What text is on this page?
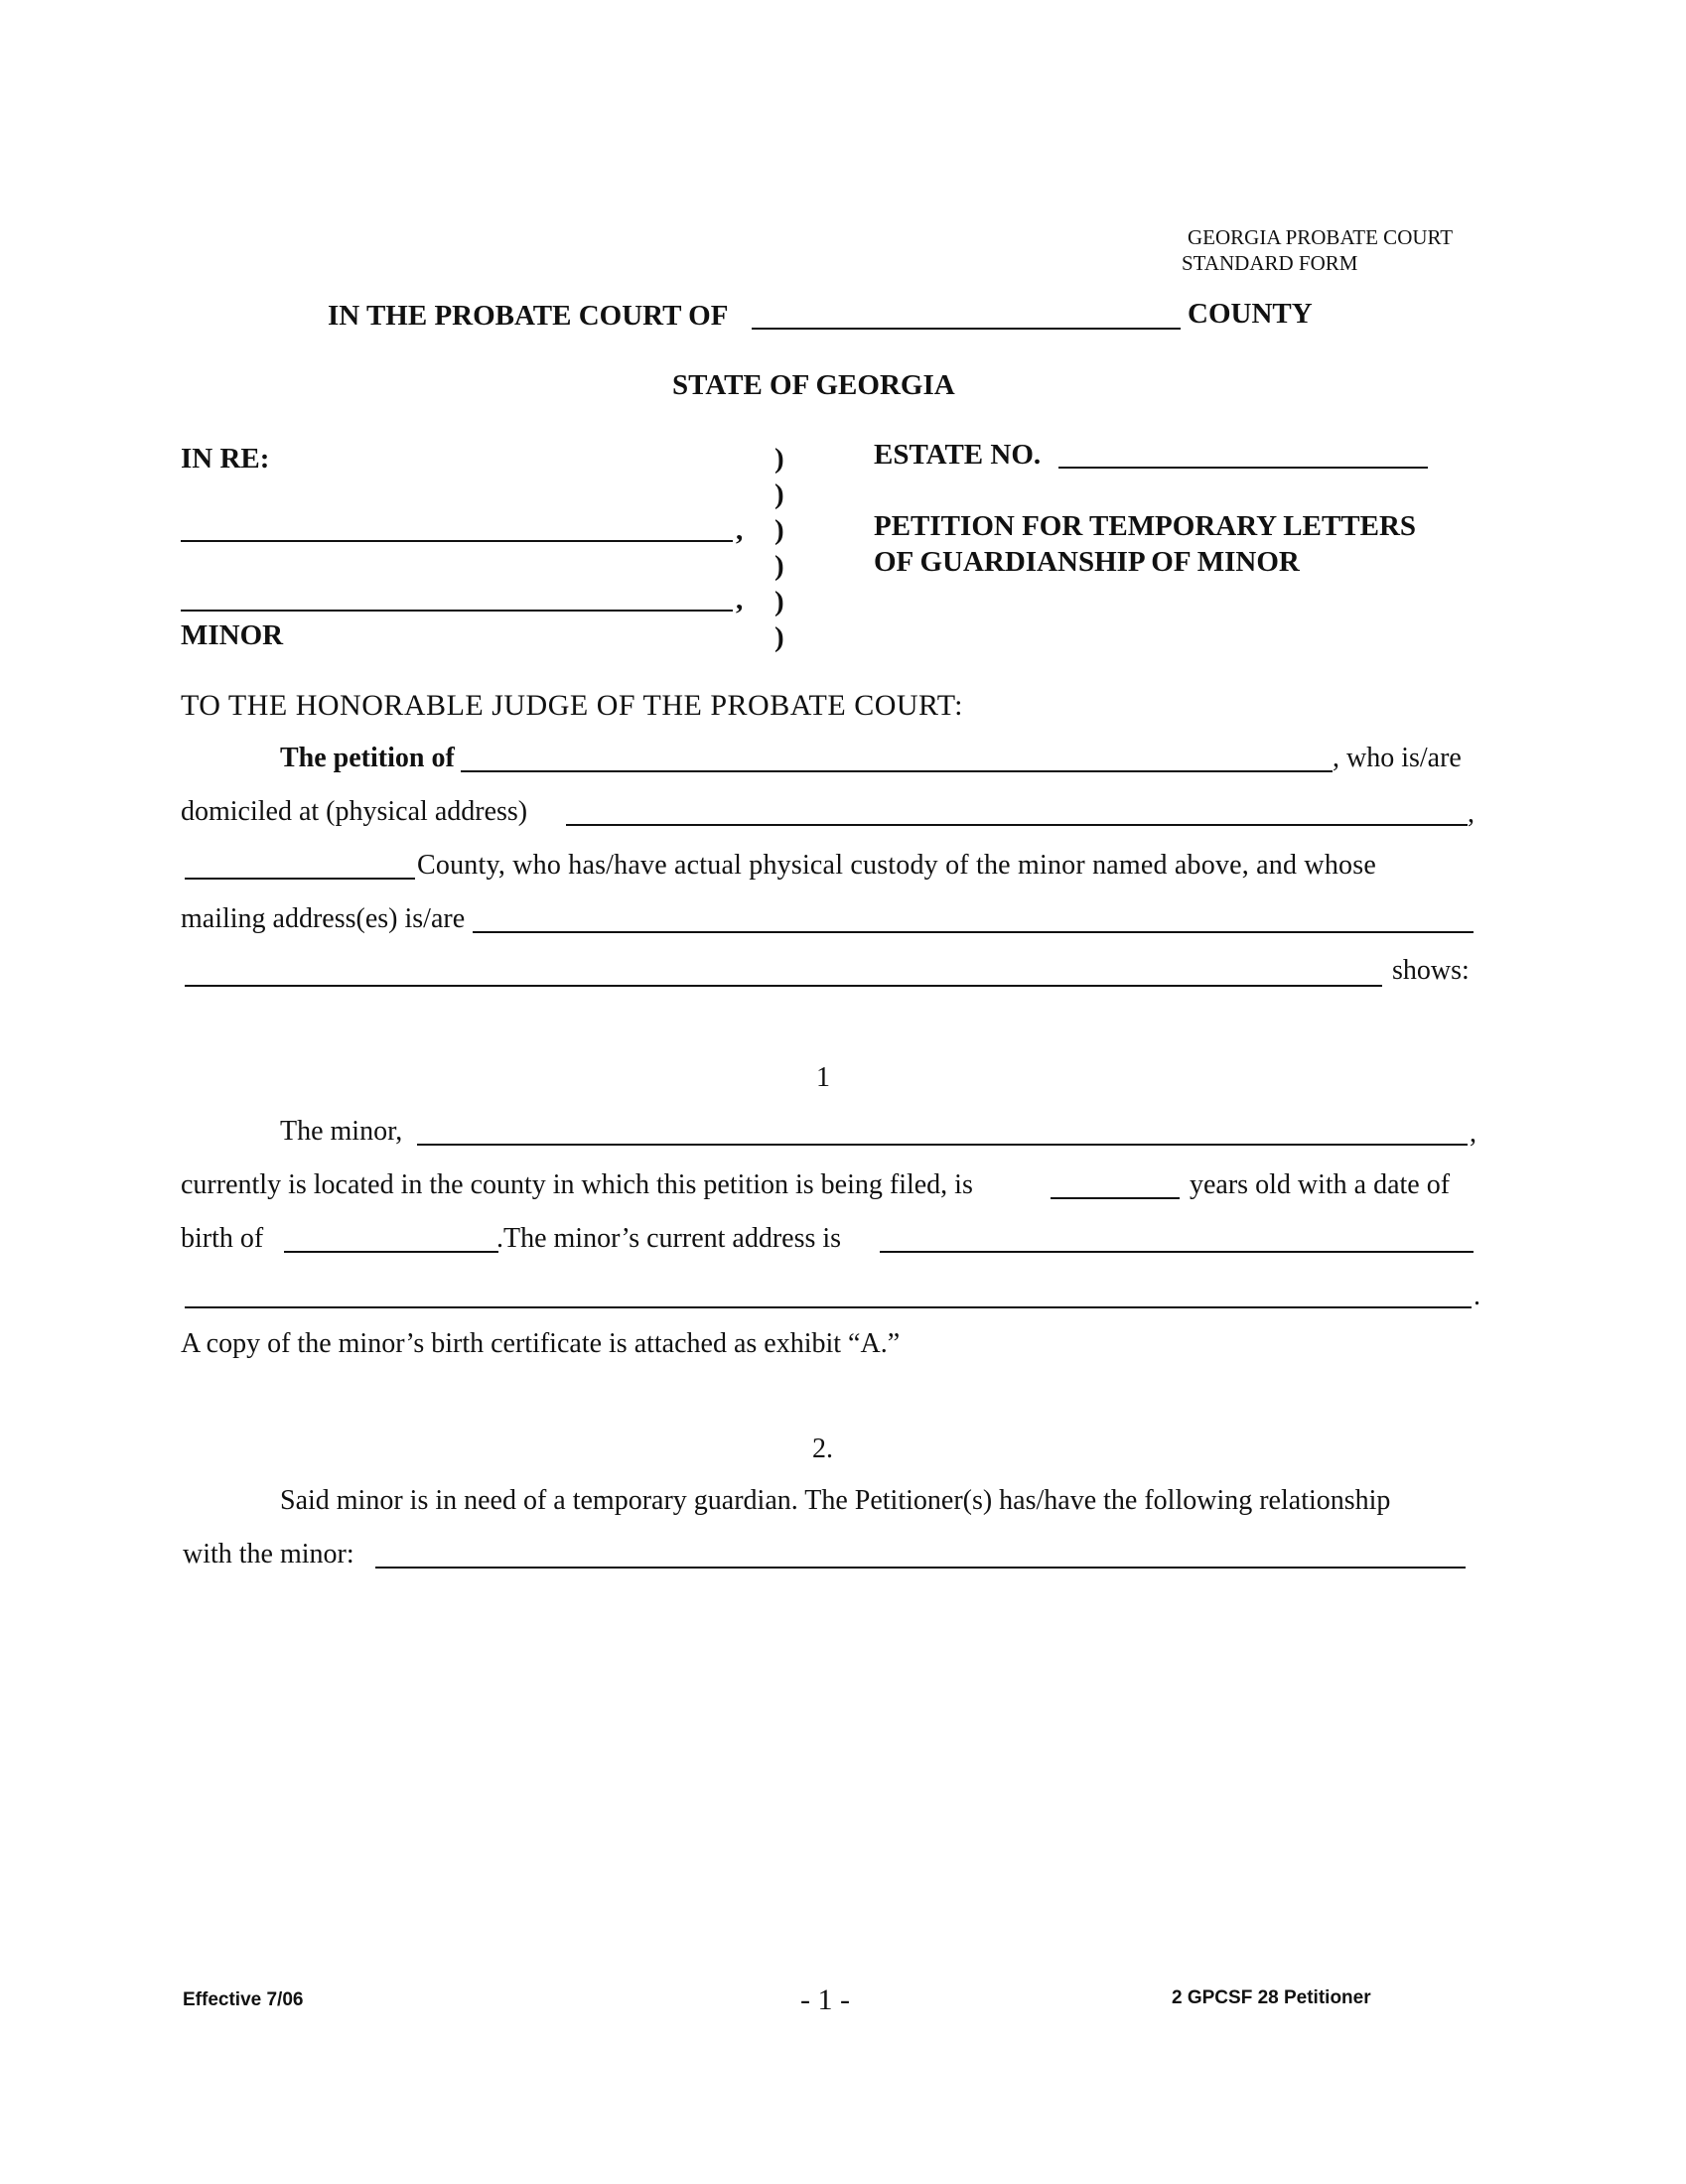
GEORGIA PROBATE COURT
STANDARD FORM
IN THE PROBATE COURT OF	COUNTY
STATE OF GEORGIA
IN RE:
,
,
MINOR
)
)
)
)
)
)
ESTATE NO.
PETITION FOR TEMPORARY LETTERS
OF GUARDIANSHIP OF MINOR
TO THE HONORABLE JUDGE OF THE PROBATE COURT:
The petition of	, who is/are
domiciled at (physical address)	,
County, who has/have actual physical custody of the minor named above, and whose
mailing address(es) is/are
shows:
1
The minor,	,
currently is located in the county in which this petition is being filed, is	years old with a date of
birth of	.The minor’s current address is
.
A copy of the minor’s birth certificate is attached as exhibit “A.”
2.
Said minor is in need of a temporary guardian. The Petitioner(s) has/have the following relationship
with the minor:
Effective 7/06	- 1 -	2 GPCSF 28 Petitioner
